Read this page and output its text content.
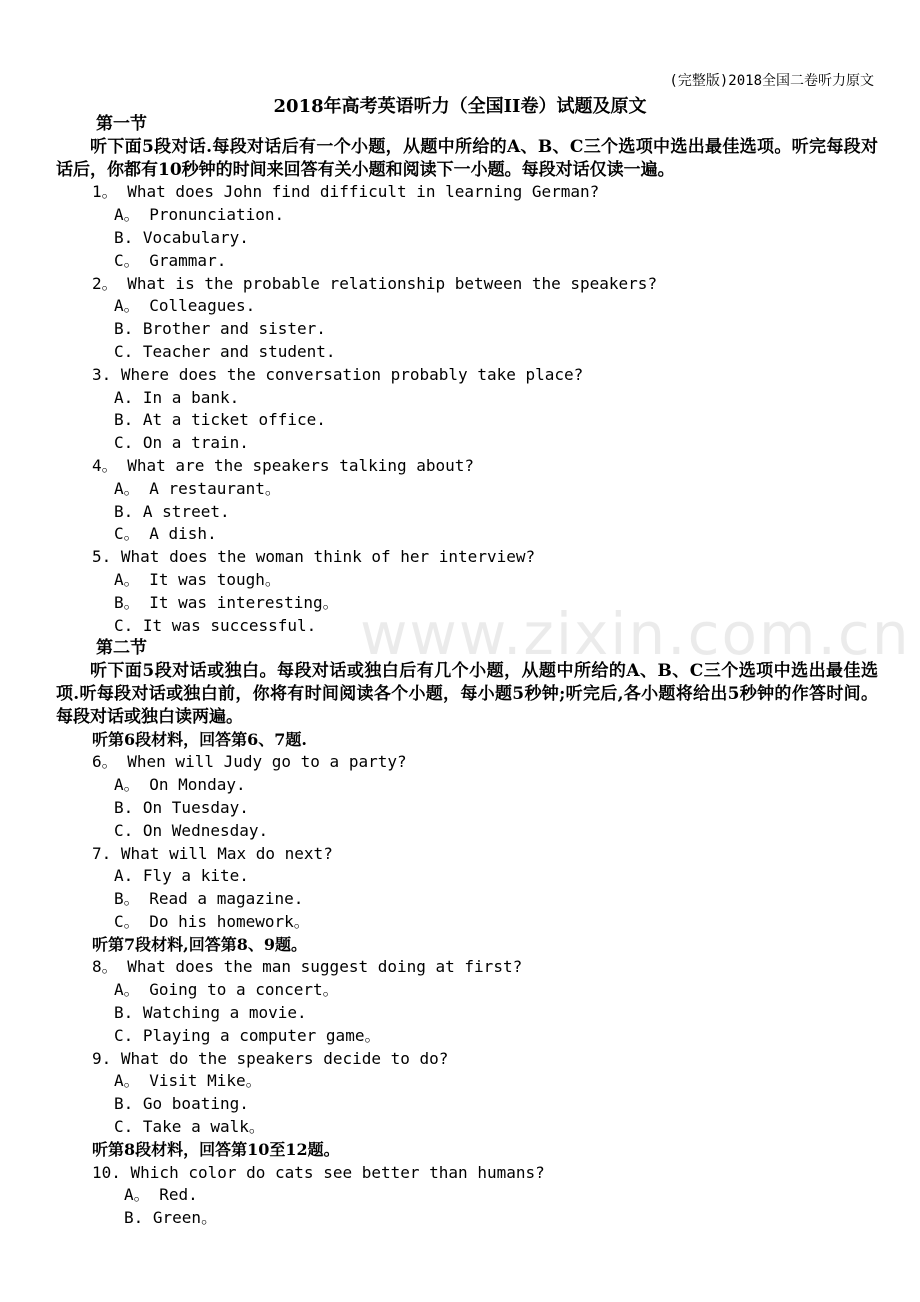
(完整版)2018全国二卷听力原文
2018年高考英语听力（全国II卷）试题及原文
www.zixin.com.cn
第一节
听下面5段对话.每段对话后有一个小题，从题中所给的A、B、C三个选项中选出最佳选项。听完每段对话后，你都有10秒钟的时间来回答有关小题和阅读下一小题。每段对话仅读一遍。
1。 What does John find difficult in learning German?
A。 Pronunciation.
B. Vocabulary.
C。 Grammar.
2。 What is the probable relationship between the speakers?
A。 Colleagues.
B. Brother and sister.
C. Teacher and student.
3. Where does the conversation probably take place?
A. In a bank.
B. At a ticket office.
C. On a train.
4。 What are the speakers talking about?
A。 A restaurant。
B. A street.
C。 A dish.
5. What does the woman think of her interview?
A。 It was tough。
B。 It was interesting。
C. It was successful.
第二节
听下面5段对话或独白。每段对话或独白后有几个小题，从题中所给的A、B、C三个选项中选出最佳选项.听每段对话或独白前，你将有时间阅读各个小题，每小题5秒钟;听完后,各小题将给出5秒钟的作答时间。每段对话或独白读两遍。
听第6段材料，回答第6、7题.
6。 When will Judy go to a party?
A。 On Monday.
B. On Tuesday.
C. On Wednesday.
7. What will Max do next?
A. Fly a kite.
B。 Read a magazine.
C。 Do his homework。
听第7段材料,回答第8、9题。
8。 What does the man suggest doing at first?
A。 Going to a concert。
B. Watching a movie.
C. Playing a computer game。
9. What do the speakers decide to do?
A。 Visit Mike。
B. Go boating.
C. Take a walk。
听第8段材料，回答第10至12题。
10. Which color do cats see better than humans?
A。 Red.
B. Green。
